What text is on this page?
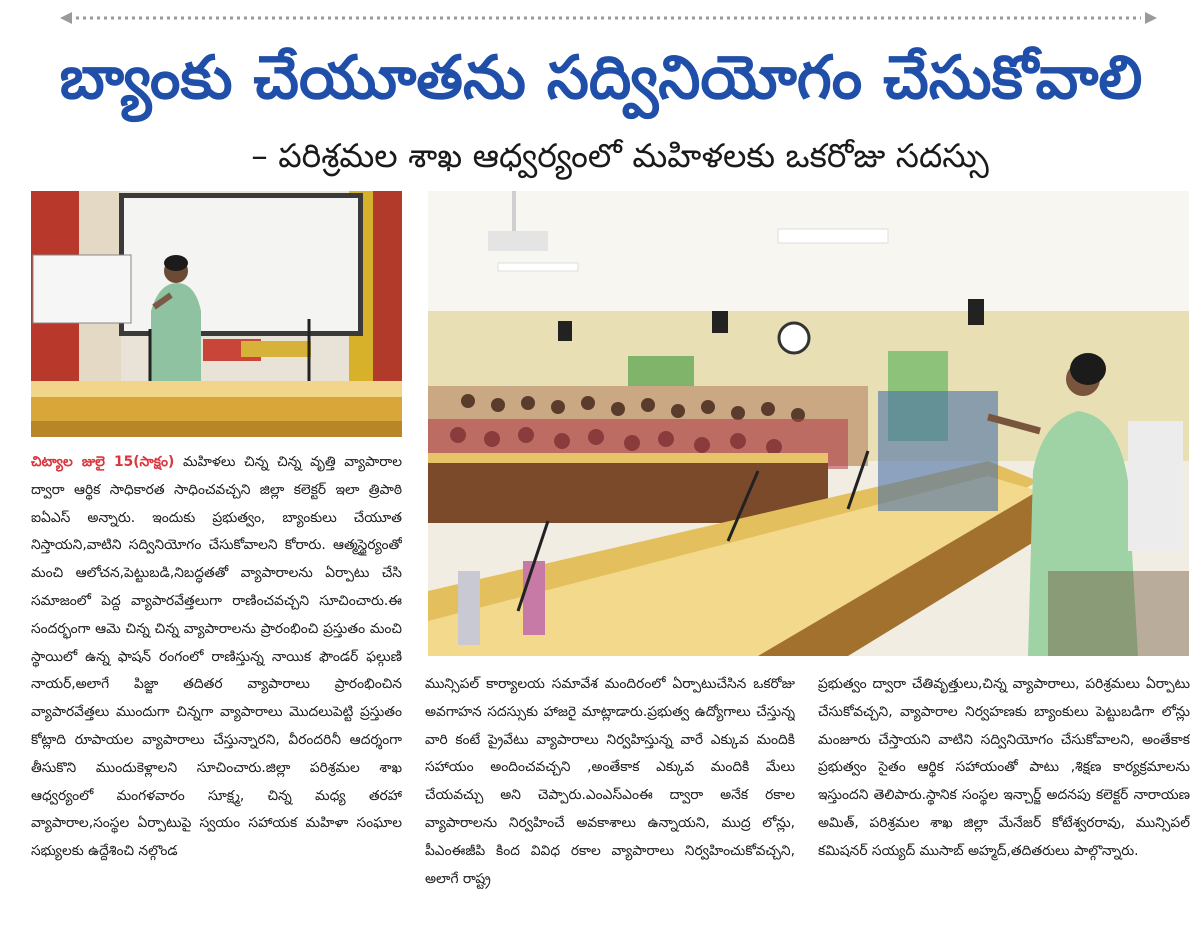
బ్యాంకు చేయూతను సద్వినియోగం చేసుకోవాలి
– పరిశ్రమల శాఖ ఆధ్వర్యంలో మహిళలకు ఒకరోజు సదస్సు
చిట్యాల జులై 15(సాక్షం) మహిళలు చిన్న చిన్న వృత్తి వ్యాపారాల ద్వారా ఆర్థిక సాధికారత సాధించవచ్చని జిల్లా కలెక్టర్ ఇలా త్రిపాఠి ఐఏఎస్ అన్నారు. ఇందుకు ప్రభుత్వం, బ్యాంకులు చేయూత నిస్తాయని,వాటిని సద్వినియోగం చేసుకోవాలని కోరారు. ఆత్మస్థైర్యంతో మంచి ఆలోచన,పెట్టుబడి,నిబద్ధతతో వ్యాపారాలను ఏర్పాటు చేసి సమాజంలో పెద్ద వ్యాపారవేత్తలుగా రాణించవచ్చని సూచించారు.ఈ సందర్భంగా ఆమె చిన్న చిన్న వ్యాపారాలను ప్రారంభించి ప్రస్తుతం మంచి స్థాయిలో ఉన్న ఫాషన్ రంగంలో రాణిస్తున్న నాయిక ఫౌండర్ ఫల్గుణి నాయర్,అలాగే పిజ్జా తదితర వ్యాపారాలు ప్రారంభించిన వ్యాపారవేత్తలు ముందుగా చిన్నగా వ్యాపారాలు మొదలుపెట్టి ప్రస్తుతం కోట్లాది రూపాయల వ్యాపారాలు చేస్తున్నారని, వీరందరినీ ఆదర్శంగా తీసుకొని ముందుకెళ్లాలని సూచించారు.జిల్లా పరిశ్రమల శాఖ ఆధ్వర్యంలో మంగళవారం సూక్ష్మ, చిన్న మధ్య తరహా వ్యాపారాల,సంస్థల ఏర్పాటుపై స్వయం సహాయక మహిళా సంఘాల సభ్యులకు ఉద్దేశించి నల్గొండ
మున్సిపల్ కార్యాలయ సమావేశ మందిరంలో ఏర్పాటుచేసిన ఒకరోజు అవగాహన సదస్సుకు హాజరై మాట్లాడారు.ప్రభుత్వ ఉద్యోగాలు చేస్తున్న వారి కంటే ప్రైవేటు వ్యాపారాలు నిర్వహిస్తున్న వారే ఎక్కువ మందికి సహాయం అందించవచ్చని ,అంతేకాక ఎక్కువ మందికి మేలు చేయవచ్చు అని చెప్పారు.ఎంఎస్ఎంఈ ద్వారా అనేక రకాల వ్యాపారాలను నిర్వహించే అవకాశాలు ఉన్నాయని, ముద్ర లోన్లు, పీఎంఈజీపి కింద వివిధ రకాల వ్యాపారాలు నిర్వహించుకోవచ్చని, అలాగే రాష్ట్ర
ప్రభుత్వం ద్వారా చేతివృత్తులు,చిన్న వ్యాపారాలు, పరిశ్రమలు ఏర్పాటు చేసుకోవచ్చని, వ్యాపారాల నిర్వహణకు బ్యాంకులు పెట్టుబడిగా లోన్లు మంజూరు చేస్తాయని వాటిని సద్వినియోగం చేసుకోవాలని, అంతేకాక ప్రభుత్వం సైతం ఆర్థిక సహాయంతో పాటు ,శిక్షణ కార్యక్రమాలను ఇస్తుందని తెలిపారు.స్థానిక సంస్థల ఇన్చార్జ్ అదనపు కలెక్టర్ నారాయణ అమిత్, పరిశ్రమల శాఖ జిల్లా మేనేజర్ కోటేశ్వరరావు, మున్సిపల్ కమిషనర్ సయ్యద్ ముసాబ్ అహ్మద్,తదితరులు పాల్గొన్నారు.
